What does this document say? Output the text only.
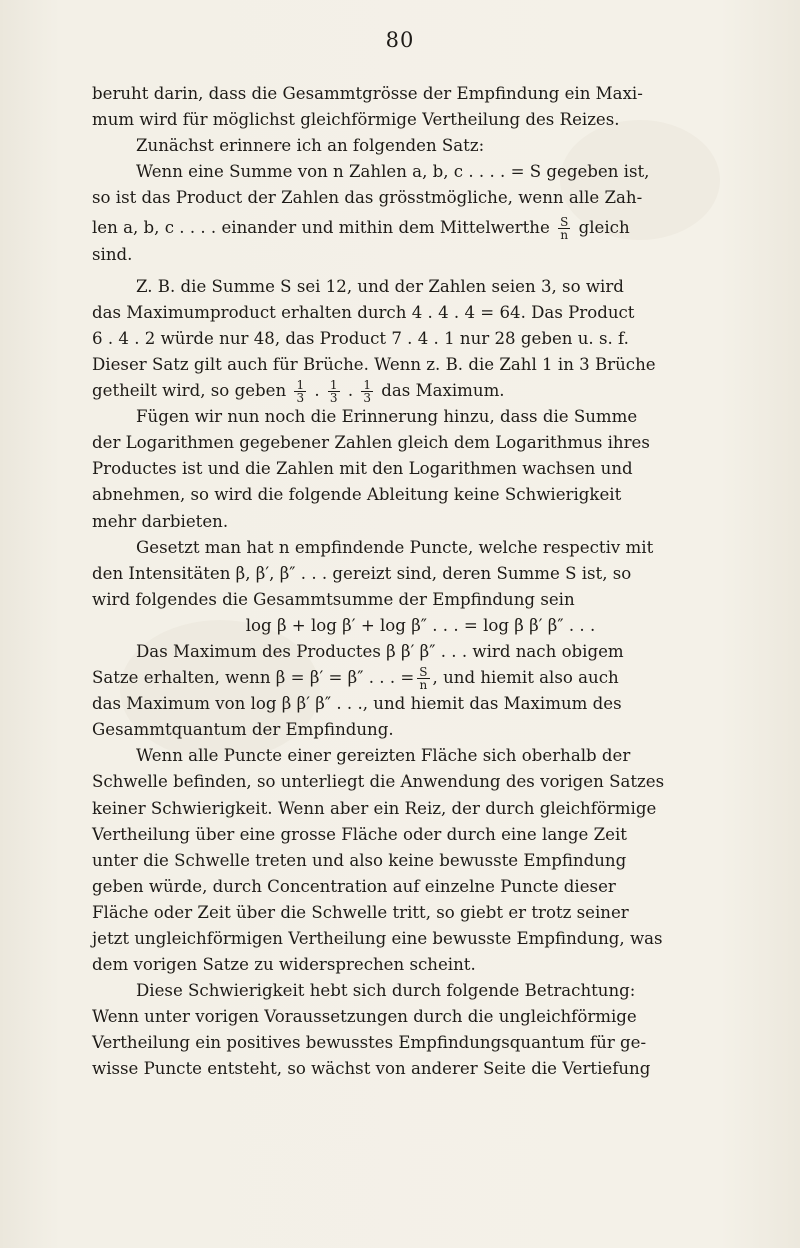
80

beruht darin, dass die Gesammtgrösse der Empfindung ein Maxi-

mum wird für möglichst gleichförmige Vertheilung des Reizes.

Zunächst erinnere ich an folgenden Satz:

Wenn eine Summe von n Zahlen a, b, c . . . . = S gegeben ist,

so ist das Product der Zahlen das grösstmögliche, wenn alle Zah-

len a, b, c . . . . einander und mithin dem Mittelwerthe $\frac{S}{n}$ gleich

sind.

Z. B. die Summe S sei 12, und der Zahlen seien 3, so wird

das Maximumproduct erhalten durch 4 . 4 . 4 = 64. Das Product

6 . 4 . 2 würde nur 48, das Product 7 . 4 . 1 nur 28 geben u. s. f.

Dieser Satz gilt auch für Brüche. Wenn z. B. die Zahl 1 in 3 Brüche

getheilt wird, so geben $\frac{1}{3}$ . $\frac{1}{3}$ . $\frac{1}{3}$ das Maximum.

Fügen wir nun noch die Erinnerung hinzu, dass die Summe

der Logarithmen gegebener Zahlen gleich dem Logarithmus ihres

Productes ist und die Zahlen mit den Logarithmen wachsen und

abnehmen, so wird die folgende Ableitung keine Schwierigkeit

mehr darbieten.

Gesetzt man hat n empfindende Puncte, welche respectiv mit

den Intensitäten β, β′, β″ . . . gereizt sind, deren Summe S ist, so

wird folgendes die Gesammtsumme der Empfindung sein

log β + log β′ + log β″ . . . = log β β′ β″ . . .

Das Maximum des Productes β β′ β″ . . . wird nach obigem

Satze erhalten, wenn β = β′ = β″ . . . = $\frac{S}{n}$ , und hiemit also auch

das Maximum von log β β′ β″ . . ., und hiemit das Maximum des

Gesammtquantum der Empfindung.

Wenn alle Puncte einer gereizten Fläche sich oberhalb der

Schwelle befinden, so unterliegt die Anwendung des vorigen Satzes

keiner Schwierigkeit. Wenn aber ein Reiz, der durch gleichförmige

Vertheilung über eine grosse Fläche oder durch eine lange Zeit

unter die Schwelle treten und also keine bewusste Empfindung

geben würde, durch Concentration auf einzelne Puncte dieser

Fläche oder Zeit über die Schwelle tritt, so giebt er trotz seiner

jetzt ungleichförmigen Vertheilung eine bewusste Empfindung, was

dem vorigen Satze zu widersprechen scheint.

Diese Schwierigkeit hebt sich durch folgende Betrachtung:

Wenn unter vorigen Voraussetzungen durch die ungleichförmige

Vertheilung ein positives bewusstes Empfindungsquantum für ge-

wisse Puncte entsteht, so wächst von anderer Seite die Vertiefung
